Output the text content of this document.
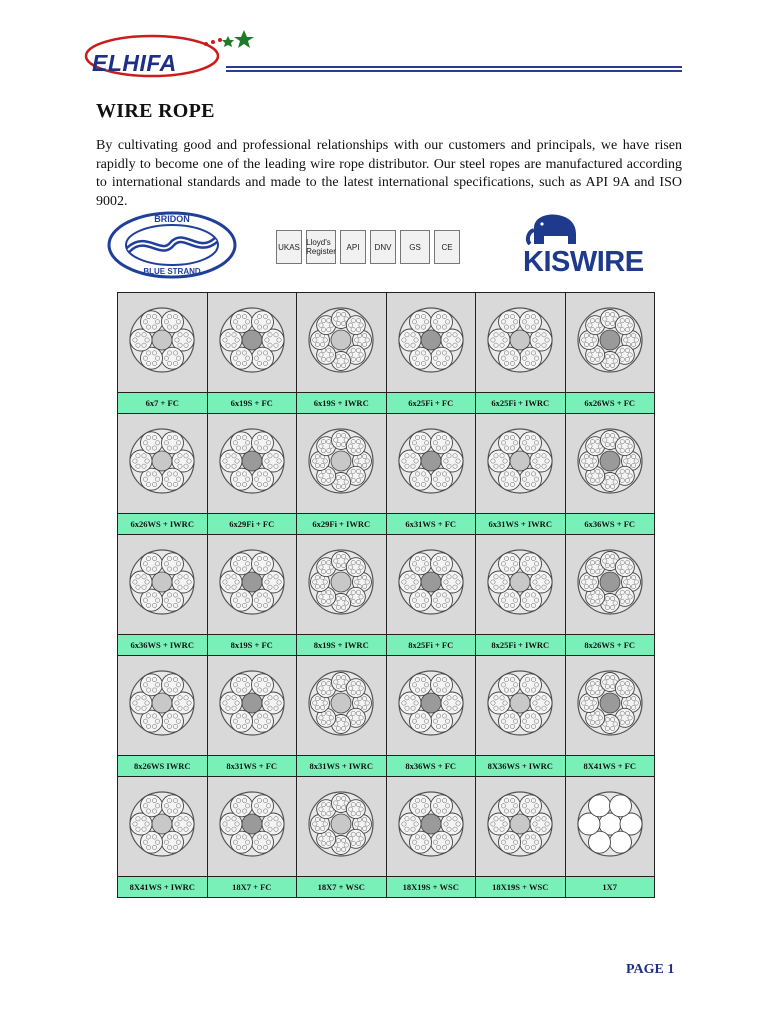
ELHIFA
WIRE ROPE
By cultivating good and professional relationships with our customers and principals, we have risen rapidly to become one of the leading wire rope distributor. Our steel ropes are manufactured according to international standards and made to the latest international specifications, such as API 9A and ISO 9002.
BRIDON
BLUE STRAND
UKAS Lloyd's Register	API	DNV	GS	CE KISWIRE

6x7 + FC	6x19S + FC	6x19S + IWRC	6x25Fi + FC	6x25Fi + IWRC	6x26WS + FC

6x26WS + IWRC	6x29Fi + FC	6x29Fi + IWRC	6x31WS + FC	6x31WS + IWRC	6x36WS + FC

6x36WS + IWRC	8x19S + FC	8x19S + IWRC	8x25Fi + FC	8x25Fi + IWRC	8x26WS + FC

8x26WS IWRC	8x31WS + FC	8x31WS + IWRC	8x36WS + FC	8X36WS + IWRC	8X41WS + FC

8X41WS + IWRC	18X7 + FC	18X7 + WSC	18X19S + WSC	18X19S + WSC	1X7
PAGE 1
